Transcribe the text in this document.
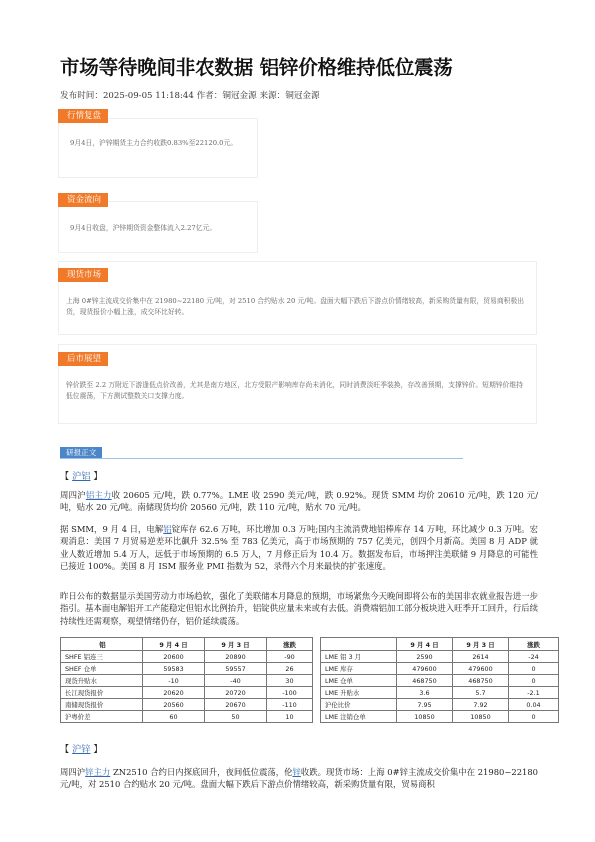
市场等待晚间非农数据 铝锌价格维持低位震荡
发布时间：2025-09-05 11:18:44 作者：铜冠金源 来源：铜冠金源
行情复盘
9月4日，沪锌期货主力合约收跌0.83%至22120.0元。
资金流向
9月4日收盘，沪锌期货资金整体流入2.27亿元。
现货市场
上海 0#锌主流成交价集中在 21980~22180 元/吨，对 2510 合约贴水 20 元/吨。盘面大幅下跌后下游点价情绪较高，新采购货量有限，贸易商积极出货，现货报价小幅上涨，成交环比好转。
后市展望
锌价跌至 2.2 万附近下游逢低点价改善，尤其是南方地区，北方受限产影响库存尚未消化，同时消费淡旺季装换，存改善预期，支撑锌价。短期锌价维持低位震荡，下方测试整数关口支撑力度。
研报正文
【 沪铝 】
周四沪铝主力收 20605 元/吨，跌 0.77%。LME 收 2590 美元/吨，跌 0.92%。现货 SMM 均价 20610 元/吨，跌 120 元/吨，贴水 20 元/吨。南储现货均价 20560 元/吨，跌 110 元/吨，贴水 70 元/吨。
据 SMM，9 月 4 日，电解铝锭库存 62.6 万吨，环比增加 0.3 万吨;国内主流消费地铝棒库存 14 万吨，环比减少 0.3 万吨。宏观消息：美国 7 月贸易逆差环比飙升 32.5% 至 783 亿美元，高于市场预期的 757 亿美元，创四个月新高。美国 8 月 ADP 就业人数近增加 5.4 万人，远低于市场预期的 6.5 万人，7 月修正后为 10.4 万。数据发布后，市场押注美联储 9 月降息的可能性已接近 100%。美国 8 月 ISM 服务业 PMI 指数为 52，录得六个月来最快的扩张速度。
昨日公布的数据显示美国劳动力市场趋软，强化了美联储本月降息的预期，市场紧焦今天晚间即将公布的美国非农就业报告进一步指引。基本面电解铝开工产能稳定但铝水比例抬升，铝锭供应量未来或有去低。消费端铝加工部分板块进入旺季开工回升，行后续持续性还需观察，观望情绪仍存，铝价延续震荡。
铝	9 月 4 日	9 月 3 日	涨跌			9 月 4 日	9 月 3 日	涨跌
SHFE 铝连三	20600	20890	-90		LME 铝 3 月	2590	2614	-24
SHEF 仓单	59583	59557	26		LME 库存	479600	479600	0
现货升贴水	-10	-40	30		LME 仓单	468750	468750	0
长江现货报价	20620	20720	-100		LME 升贴水	3.6	5.7	-2.1
南储现货报价	20560	20670	-110		沪伦比价	7.95	7.92	0.04
沪粤价差	60	50	10		LME 注销仓单	10850	10850	0
【 沪锌 】
周四沪锌主力 ZN2510 合约日内探底回升，夜间低位震荡，伦锌收跌。现货市场：上海 0#锌主流成交价集中在 21980~22180 元/吨，对 2510 合约贴水 20 元/吨。盘面大幅下跌后下游点价情绪较高，新采购货量有限，贸易商积
